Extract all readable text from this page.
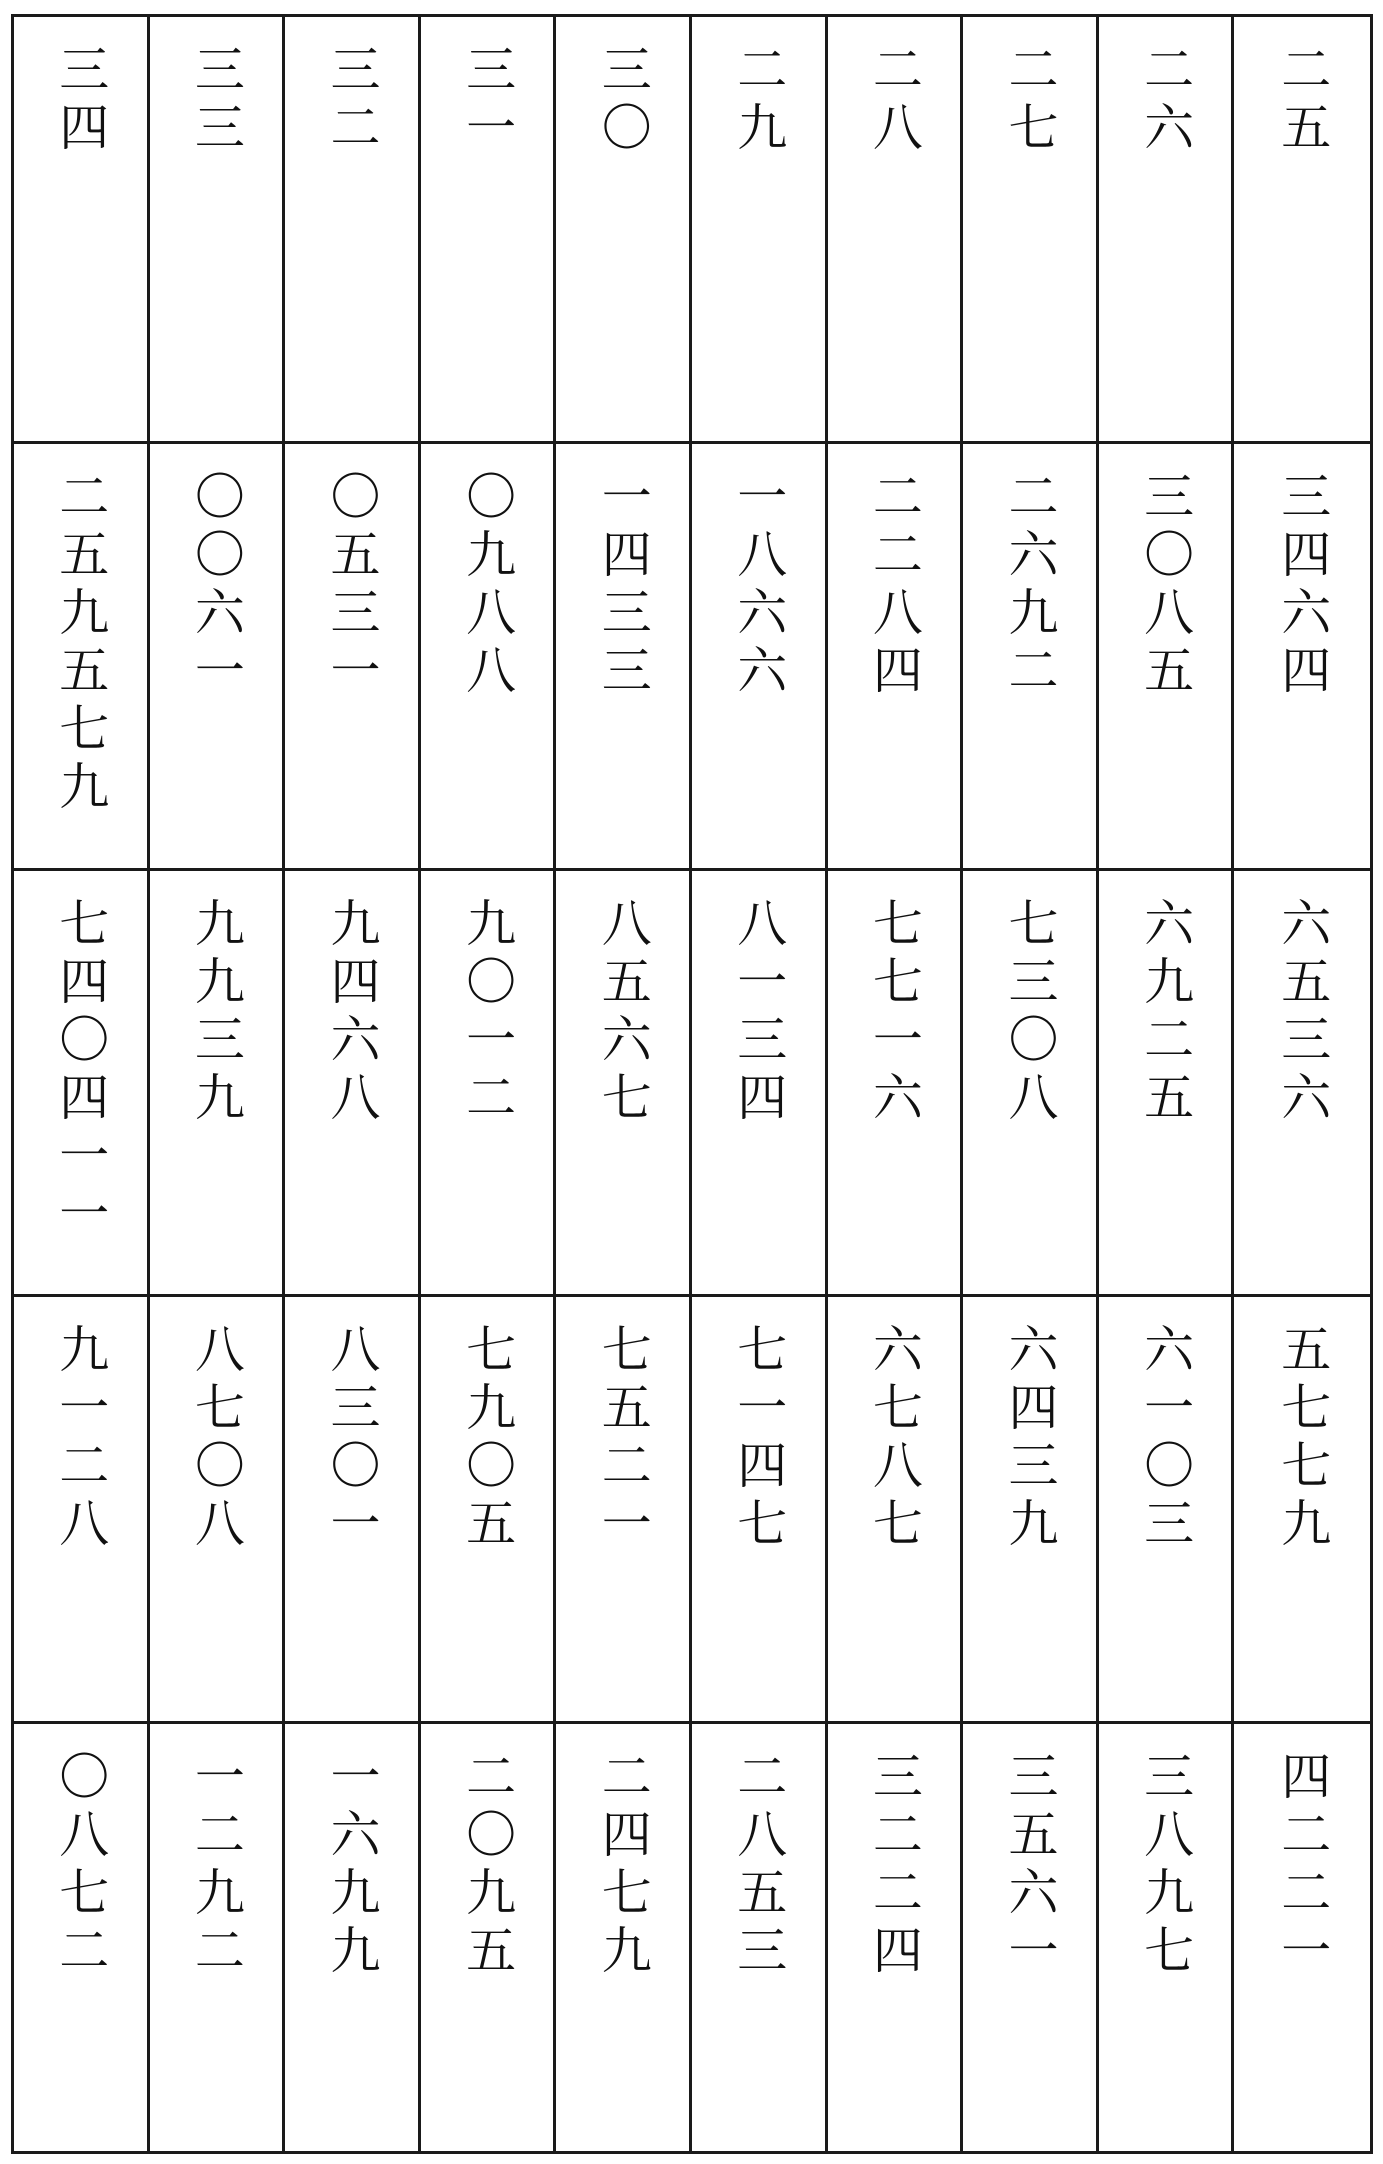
三四 三三 三二 三一 三〇 二九 二八 二七 二六 二五
二五九五七九 〇〇六一 〇五三一 〇九八八 一四三三 一八六六 二二八四 二六九二 三〇八五 三四六四
七四〇四一一 九九三九 九四六八 九〇一二 八五六七 八一三四 七七一六 七三〇八 六九二五 六五三六
九一二八 八七〇八 八三〇一 七九〇五 七五二一 七一四七 六七八七 六四三九 六一〇三 五七七九
〇八七二 一二九二 一六九九 二〇九五 二四七九 二八五三 三二二四 三五六一 三八九七 四二二一
